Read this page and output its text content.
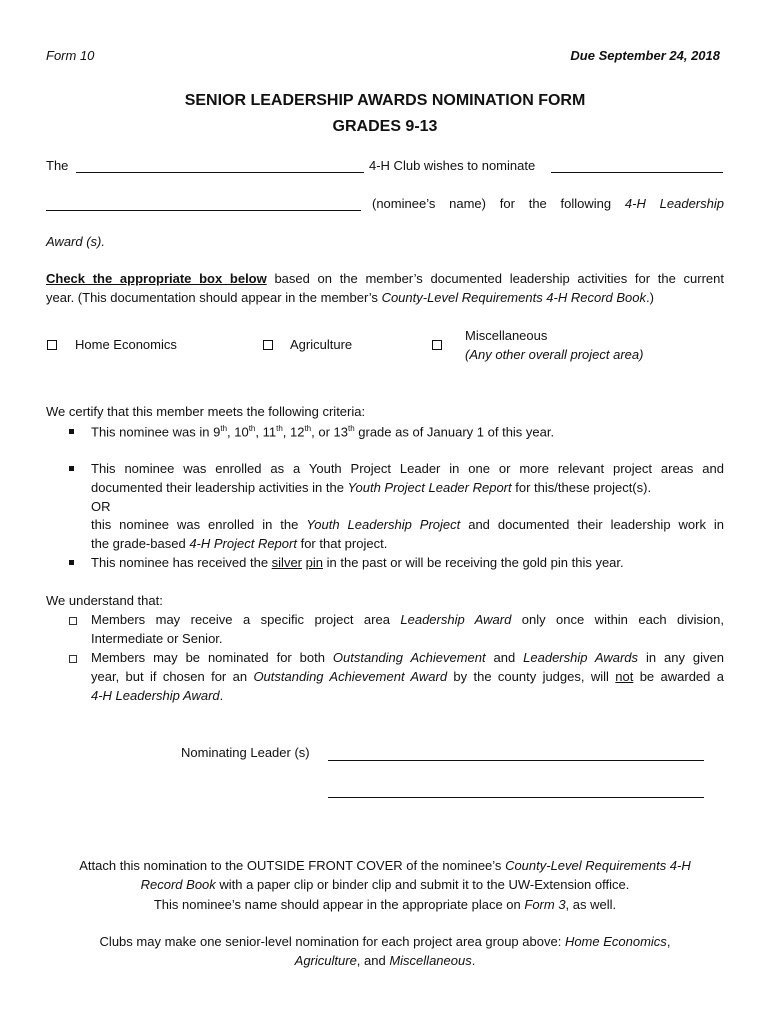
Form 10	Due September 24, 2018
SENIOR LEADERSHIP AWARDS NOMINATION FORM
GRADES 9-13
The	4-H Club wishes to nominate
(nominee’s name) for the following 4-H Leadership
Award (s).
Check the appropriate box below based on the member’s documented leadership activities for the current
year. (This documentation should appear in the member’s County-Level Requirements 4-H Record Book.)
Home Economics	Agriculture
Miscellaneous
(Any other overall project area)
We certify that this member meets the following criteria:
This nominee was in 9th, 10th, 11th, 12th, or 13th grade as of January 1 of this year.
This nominee was enrolled as a Youth Project Leader in one or more relevant project areas and
documented their leadership activities in the Youth Project Leader Report for this/these project(s).
OR
this nominee was enrolled in the Youth Leadership Project and documented their leadership work in
the grade-based 4-H Project Report for that project.
This nominee has received the silver pin in the past or will be receiving the gold pin this year.
We understand that:
Members may receive a specific project area Leadership Award only once within each division,
Intermediate or Senior.
Members may be nominated for both Outstanding Achievement and Leadership Awards in any given
year, but if chosen for an Outstanding Achievement Award by the county judges, will not be awarded a
4-H Leadership Award.
Nominating Leader (s)
Attach this nomination to the OUTSIDE FRONT COVER of the nominee’s County-Level Requirements 4-H
Record Book with a paper clip or binder clip and submit it to the UW-Extension office.
This nominee’s name should appear in the appropriate place on Form 3, as well.
Clubs may make one senior-level nomination for each project area group above: Home Economics,
Agriculture, and Miscellaneous.
